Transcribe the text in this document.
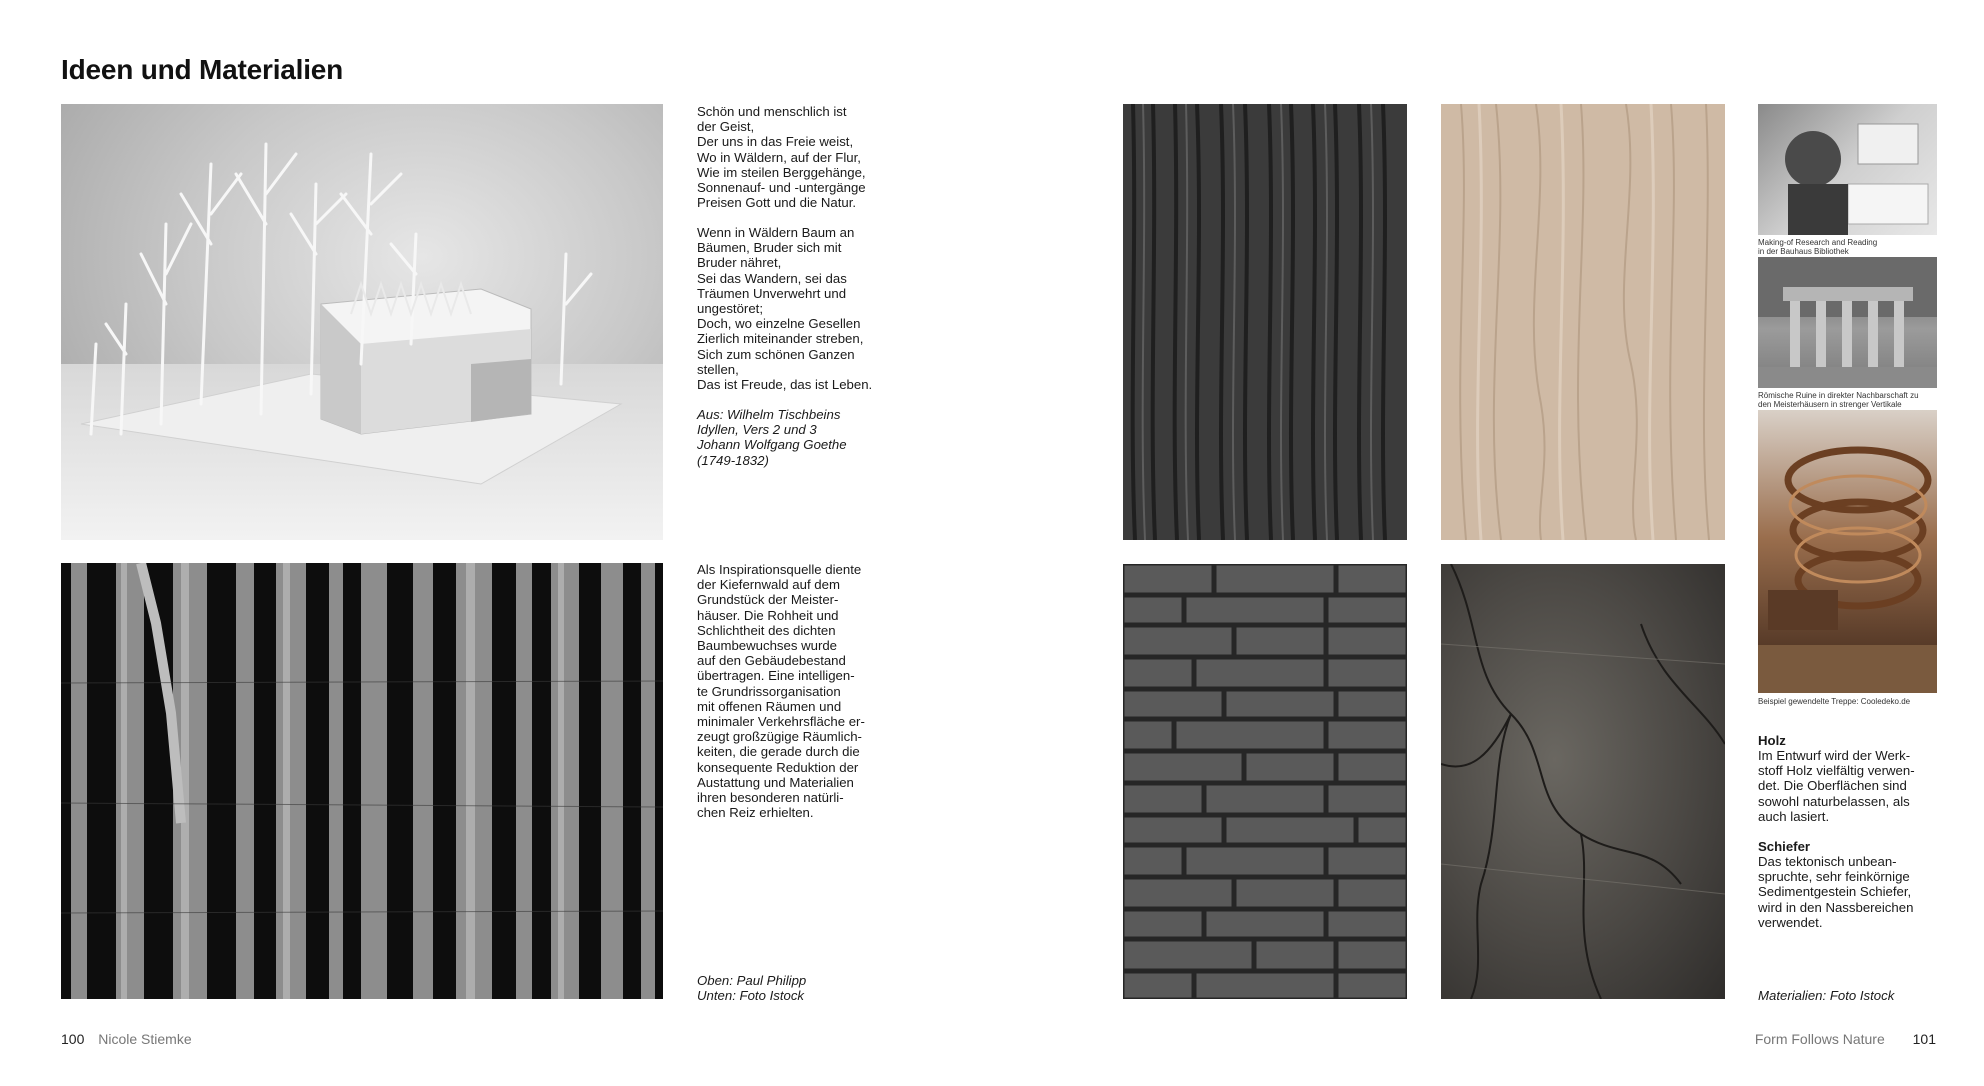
Ideen und Materialien
Schön und menschlich ist
der Geist,
Der uns in das Freie weist,
Wo in Wäldern, auf der Flur,
Wie im steilen Berggehänge,
Sonnenauf- und -untergänge
Preisen Gott und die Natur.
Wenn in Wäldern Baum an
Bäumen, Bruder sich mit
Bruder nähret,
Sei das Wandern, sei das
Träumen Unverwehrt und
ungestöret;
Doch, wo einzelne Gesellen
Zierlich miteinander streben,
Sich zum schönen Ganzen
stellen,
Das ist Freude, das ist Leben.
Aus: Wilhelm Tischbeins
Idyllen, Vers 2 und 3
Johann Wolfgang Goethe
(1749-1832)
Als Inspirationsquelle diente
der Kiefernwald auf dem
Grundstück der Meister-
häuser. Die Rohheit und
Schlichtheit des dichten
Baumbewuchses wurde
auf den Gebäudebestand
übertragen. Eine intelligen-
te Grundrissorganisation
mit offenen Räumen und
minimaler Verkehrsfläche er-
zeugt großzügige Räumlich-
keiten, die gerade durch die
konsequente Reduktion der
Austattung und Materialien
ihren besonderen natürli-
chen Reiz erhielten.
Oben: Paul Philipp
Unten: Foto Istock
Making-of Research and Reading
in der Bauhaus Bibliothek
Römische Ruine in direkter Nachbarschaft zu
den Meisterhäusern in strenger Vertikale
Beispiel gewendelte Treppe: Cooledeko.de
Holz
Im Entwurf wird der Werk-
stoff Holz vielfältig verwen-
det. Die Oberflächen sind
sowohl naturbelassen, als
auch lasiert.
Schiefer
Das tektonisch unbean-
spruchte, sehr feinkörnige
Sedimentgestein Schiefer,
wird in den Nassbereichen
verwendet.
Materialien: Foto Istock
100 Nicole Stiemke	Form Follows Nature 101
